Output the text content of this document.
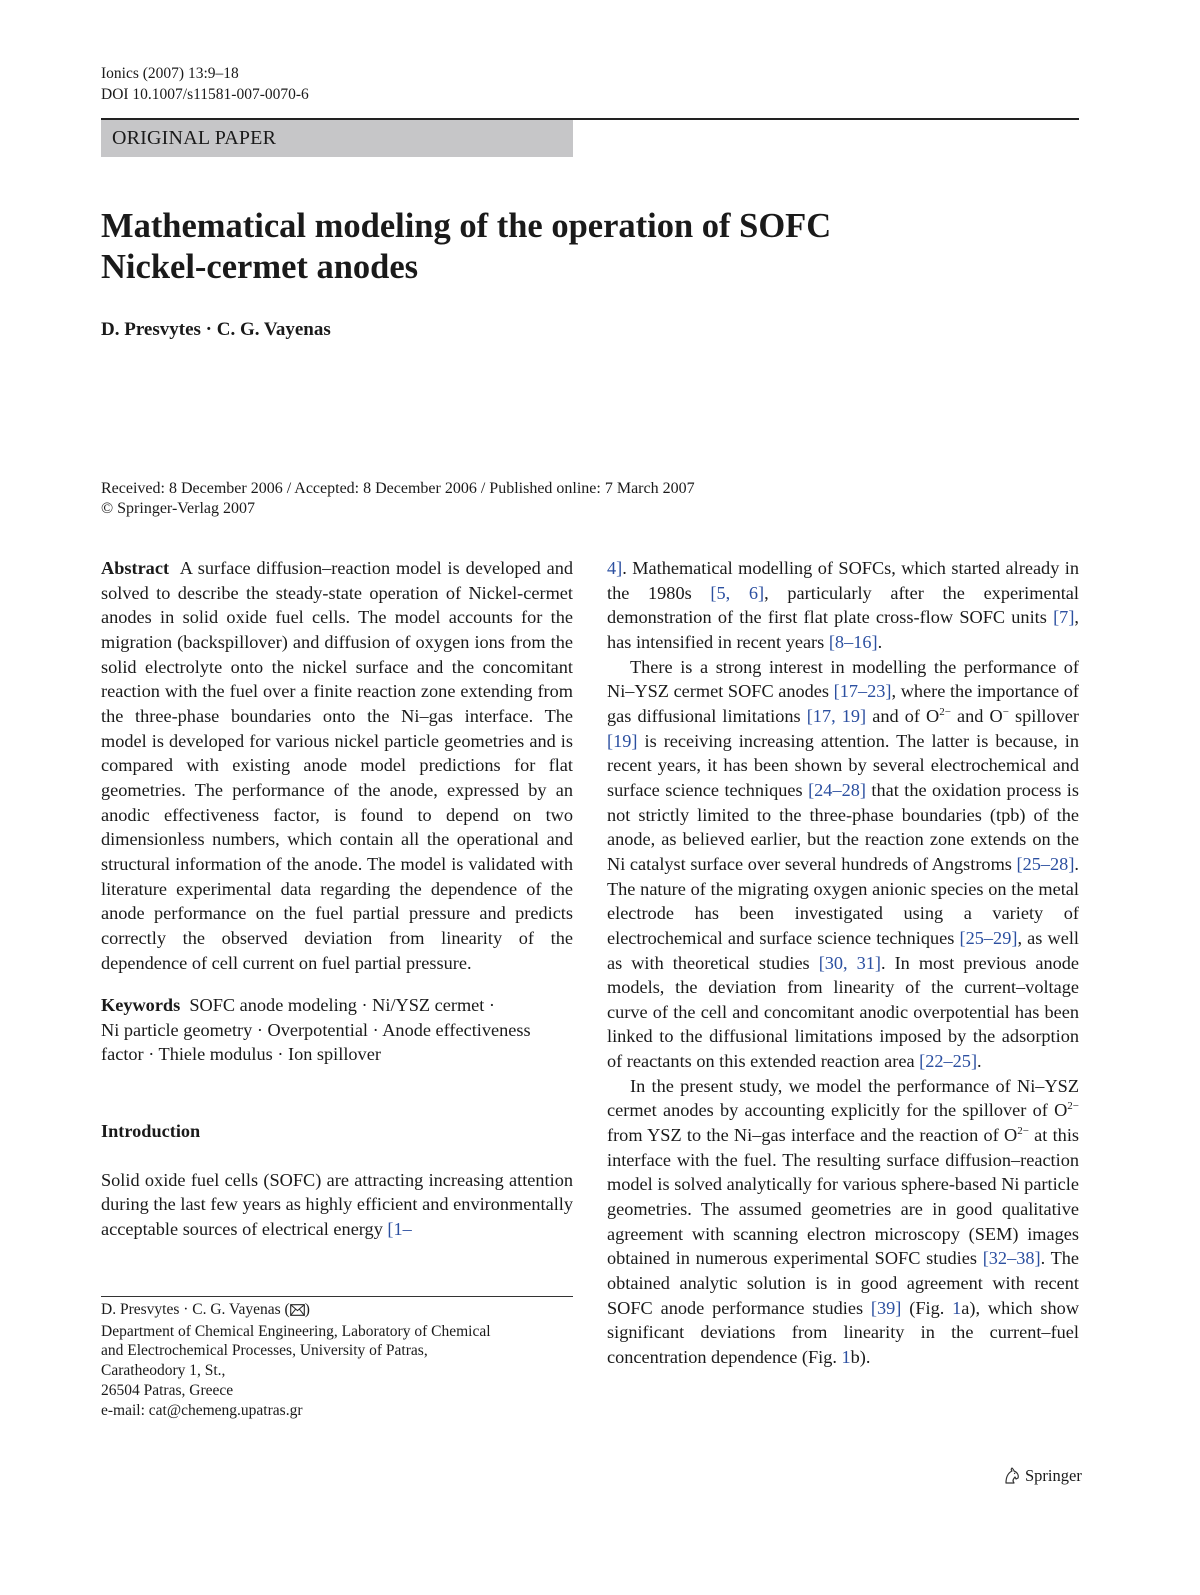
Ionics (2007) 13:9–18
DOI 10.1007/s11581-007-0070-6
ORIGINAL PAPER
Mathematical modeling of the operation of SOFC
Nickel-cermet anodes
D. Presvytes · C. G. Vayenas
Received: 8 December 2006 / Accepted: 8 December 2006 / Published online: 7 March 2007
© Springer-Verlag 2007

Abstract A surface diffusion–reaction model is developed and solved to describe the steady-state operation of Nickel-cermet anodes in solid oxide fuel cells. The model accounts for the migration (backspillover) and diffusion of oxygen ions from the solid electrolyte onto the nickel surface and the concomitant reaction with the fuel over a finite reaction zone extending from the three-phase boundaries onto the Ni–gas interface. The model is developed for various nickel particle geometries and is compared with existing anode model predictions for flat geometries. The performance of the anode, expressed by an anodic effectiveness factor, is found to depend on two dimensionless numbers, which contain all the operational and structural information of the anode. The model is validated with literature experimental data regarding the dependence of the anode performance on the fuel partial pressure and predicts correctly the observed deviation from linearity of the dependence of cell current on fuel partial pressure.

Keywords SOFC anode modeling · Ni/YSZ cermet ·
Ni particle geometry · Overpotential · Anode effectiveness
factor · Thiele modulus · Ion spillover

Introduction

Solid oxide fuel cells (SOFC) are attracting increasing attention during the last few years as highly efficient and environmentally acceptable sources of electrical energy [1–

D. Presvytes · C. G. Vayenas ( )
Department of Chemical Engineering, Laboratory of Chemical
and Electrochemical Processes, University of Patras,
Caratheodory 1, St.,
26504 Patras, Greece
e-mail: cat@chemeng.upatras.gr

4]. Mathematical modelling of SOFCs, which started already in the 1980s [5, 6], particularly after the experimental demonstration of the first flat plate cross-flow SOFC units [7], has intensified in recent years [8–16].

There is a strong interest in modelling the performance of Ni–YSZ cermet SOFC anodes [17–23], where the importance of gas diffusional limitations [17, 19] and of $O^{2-}$ and O− spillover [19] is receiving increasing attention. The latter is because, in recent years, it has been shown by several electrochemical and surface science techniques [24–28] that the oxidation process is not strictly limited to the three-phase boundaries (tpb) of the anode, as believed earlier, but the reaction zone extends on the Ni catalyst surface over several hundreds of Angstroms [25–28]. The nature of the migrating oxygen anionic species on the metal electrode has been investigated using a variety of electrochemical and surface science techniques [25–29], as well as with theoretical studies [30, 31]. In most previous anode models, the deviation from linearity of the current–voltage curve of the cell and concomitant anodic overpotential has been linked to the diffusional limitations imposed by the adsorption of reactants on this extended reaction area [22–25].

In the present study, we model the performance of Ni–YSZ cermet anodes by accounting explicitly for the spillover of $O^{2-}$ from YSZ to the Ni–gas interface and the reaction of $O^{2-}$ at this interface with the fuel. The resulting surface diffusion–reaction model is solved analytically for various sphere-based Ni particle geometries. The assumed geometries are in good qualitative agreement with scanning electron microscopy (SEM) images obtained in numerous experimental SOFC studies [32–38]. The obtained analytic solution is in good agreement with recent SOFC anode performance studies [39] (Fig. 1a), which show significant deviations from linearity in the current–fuel concentration dependence (Fig. 1b).

Springer
